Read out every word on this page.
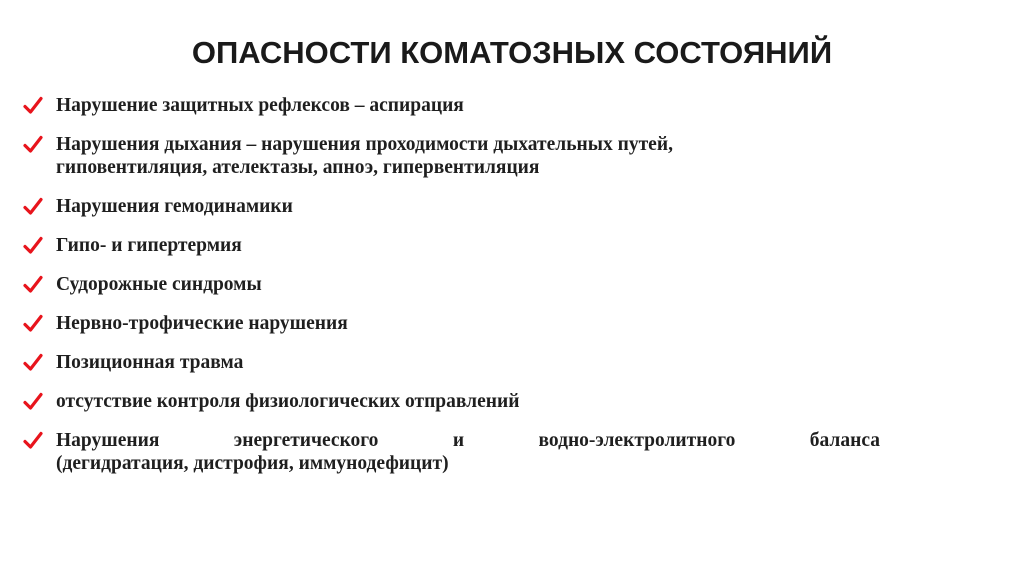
ОПАСНОСТИ КОМАТОЗНЫХ СОСТОЯНИЙ
Нарушение защитных рефлексов – аспирация
Нарушения дыхания – нарушения проходимости дыхательных путей,
гиповентиляция, ателектазы, апноэ, гипервентиляция
Нарушения гемодинамики
Гипо- и гипертермия
Судорожные синдромы
Нервно-трофические нарушения
Позиционная травма
отсутствие контроля физиологических отправлений
Нарушения энергетического и водно-электролитного баланса
(дегидратация, дистрофия, иммунодефицит)
